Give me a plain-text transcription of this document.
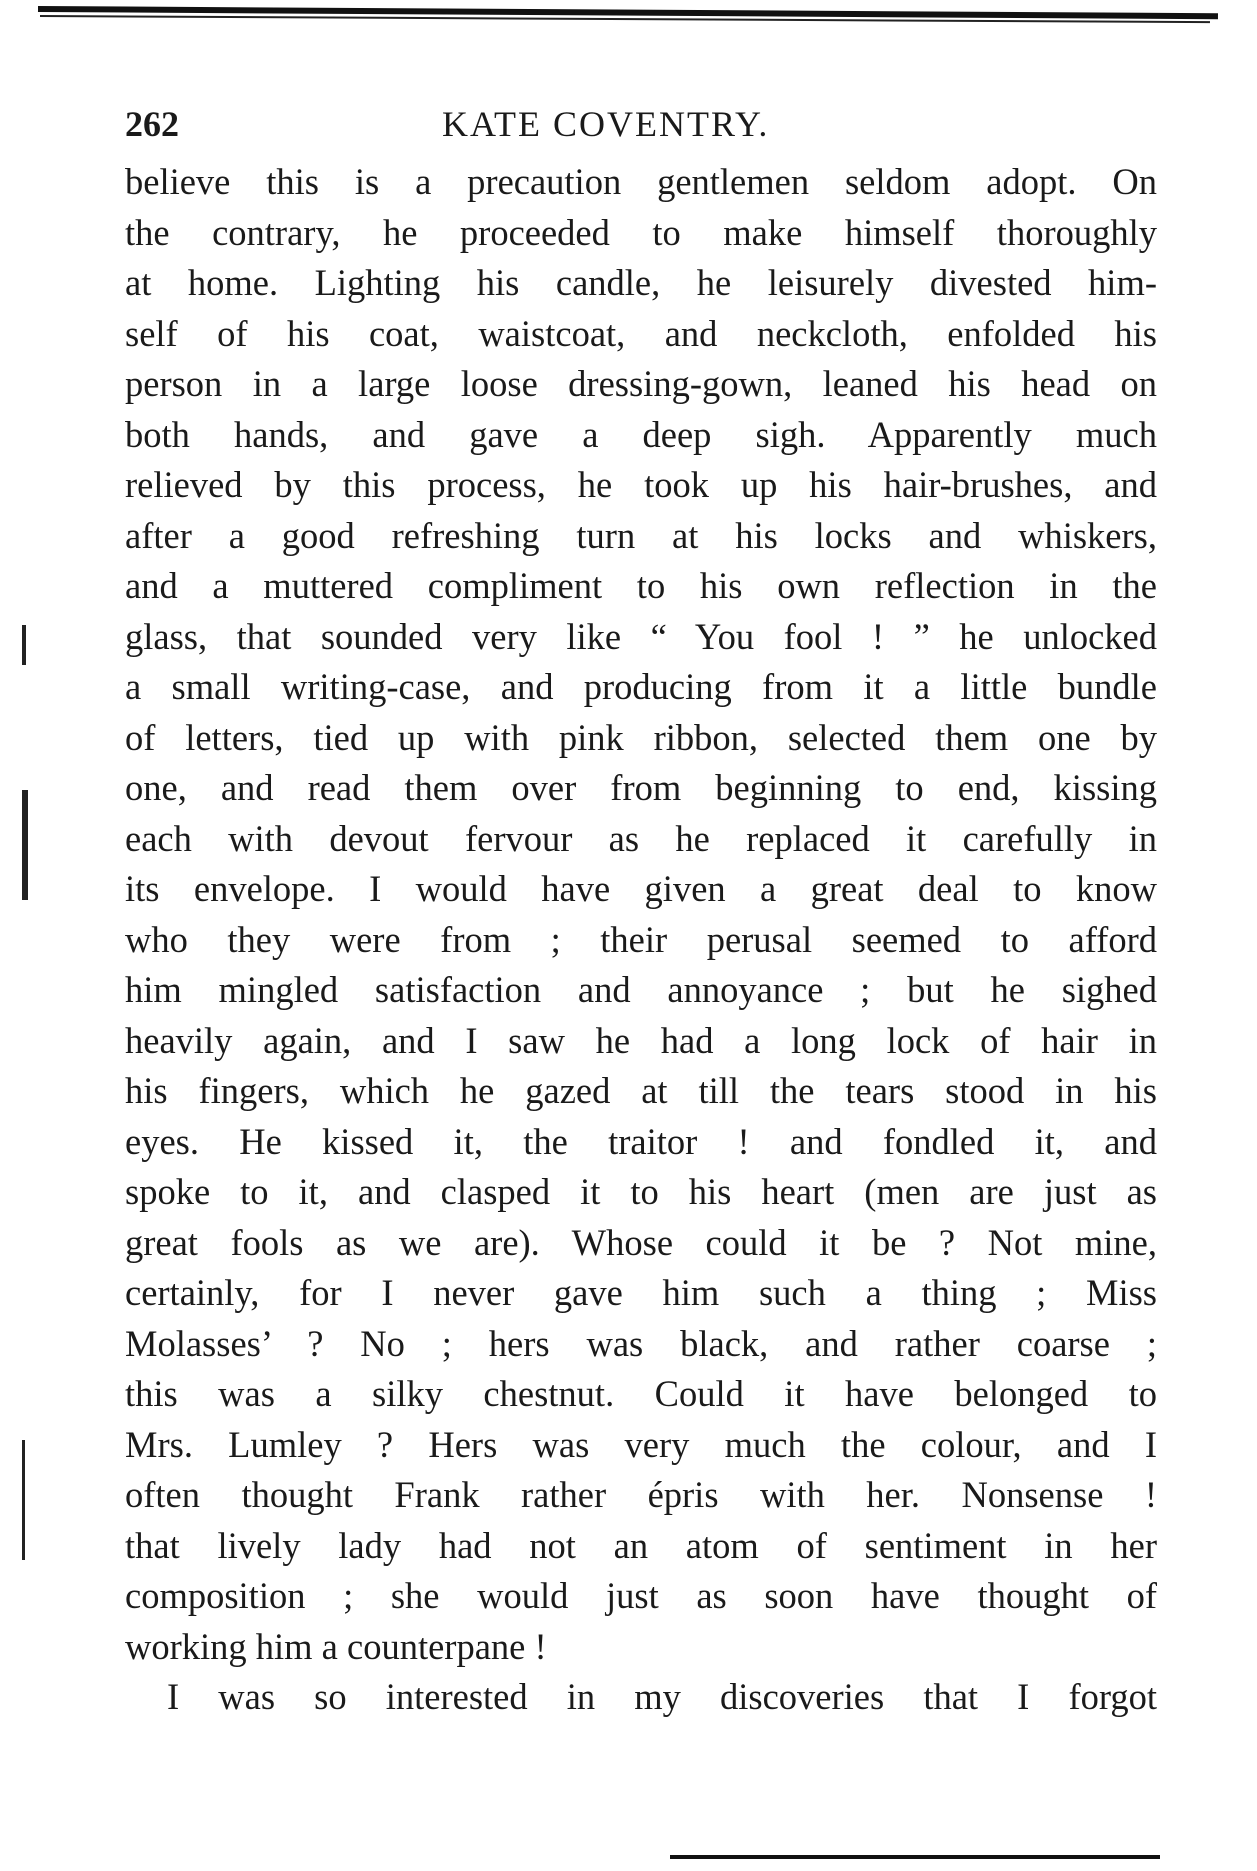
262	KATE COVENTRY.
believe this is a precaution gentlemen seldom adopt. On
the contrary, he proceeded to make himself thoroughly
at home. Lighting his candle, he leisurely divested him-
self of his coat, waistcoat, and neckcloth, enfolded his
person in a large loose dressing-gown, leaned his head on
both hands, and gave a deep sigh. Apparently much
relieved by this process, he took up his hair-brushes, and
after a good refreshing turn at his locks and whiskers,
and a muttered compliment to his own reflection in the
glass, that sounded very like “ You fool ! ” he unlocked
a small writing-case, and producing from it a little bundle
of letters, tied up with pink ribbon, selected them one by
one, and read them over from beginning to end, kissing
each with devout fervour as he replaced it carefully in
its envelope. I would have given a great deal to know
who they were from ; their perusal seemed to afford
him mingled satisfaction and annoyance ; but he sighed
heavily again, and I saw he had a long lock of hair in
his fingers, which he gazed at till the tears stood in his
eyes. He kissed it, the traitor ! and fondled it, and
spoke to it, and clasped it to his heart (men are just as
great fools as we are). Whose could it be ? Not mine,
certainly, for I never gave him such a thing ; Miss
Molasses’ ? No ; hers was black, and rather coarse ;
this was a silky chestnut. Could it have belonged to
Mrs. Lumley ? Hers was very much the colour, and I
often thought Frank rather épris with her. Nonsense !
that lively lady had not an atom of sentiment in her
composition ; she would just as soon have thought of
working him a counterpane !
I was so interested in my discoveries that I forgot
